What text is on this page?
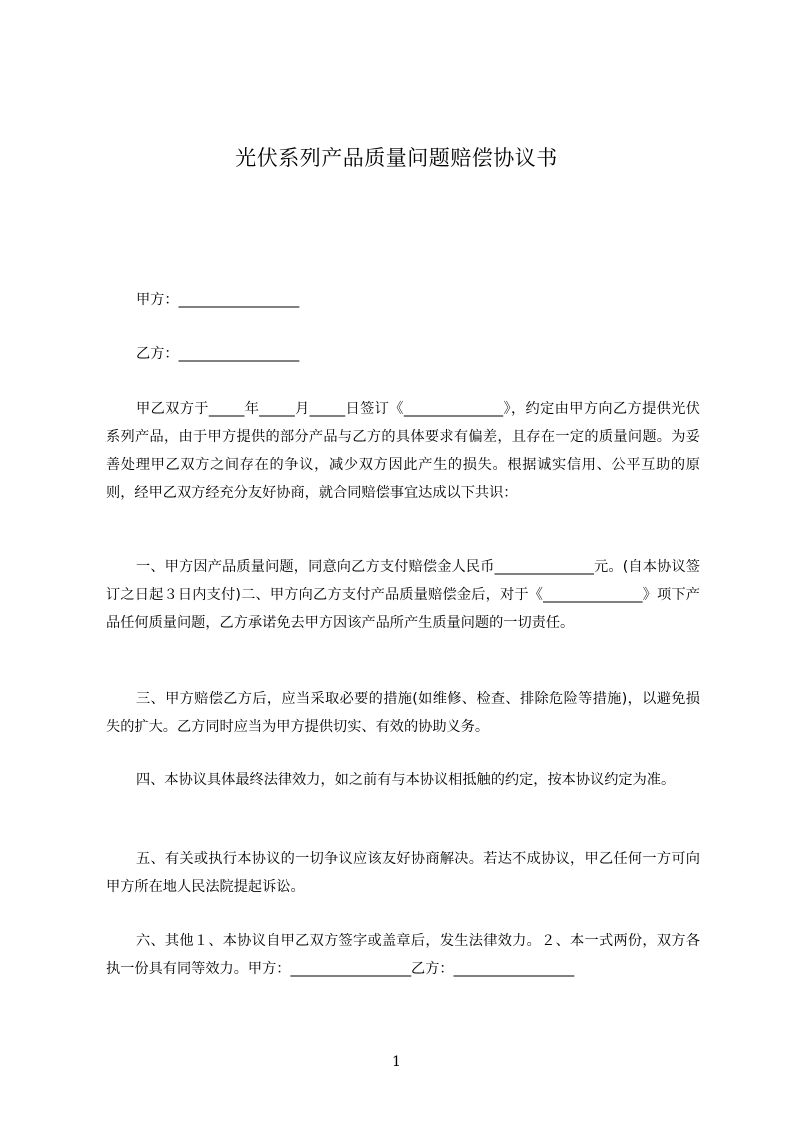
光伏系列产品质量问题赔偿协议书

甲方：_________________

乙方：_________________

甲乙双方于_____年_____月_____日签订《______________》，约定由甲方向乙方提供光伏系列产品，由于甲方提供的部分产品与乙方的具体要求有偏差，且存在一定的质量问题。为妥善处理甲乙双方之间存在的争议，减少双方因此产生的损失。根据诚实信用、公平互助的原则，经甲乙双方经充分友好协商，就合同赔偿事宜达成以下共识：

一、甲方因产品质量问题，同意向乙方支付赔偿金人民币______________元。(自本协议签订之日起３日内支付)二、甲方向乙方支付产品质量赔偿金后，对于《______________》项下产品任何质量问题，乙方承诺免去甲方因该产品所产生质量问题的一切责任。

三、甲方赔偿乙方后，应当采取必要的措施(如维修、检查、排除危险等措施)，以避免损失的扩大。乙方同时应当为甲方提供切实、有效的协助义务。

四、本协议具体最终法律效力，如之前有与本协议相抵触的约定，按本协议约定为准。

五、有关或执行本协议的一切争议应该友好协商解决。若达不成协议，甲乙任何一方可向甲方所在地人民法院提起诉讼。

六、其他１、本协议自甲乙双方签字或盖章后，发生法律效力。２、本一式两份，双方各执一份具有同等效力。甲方：_________________乙方：_________________

1
